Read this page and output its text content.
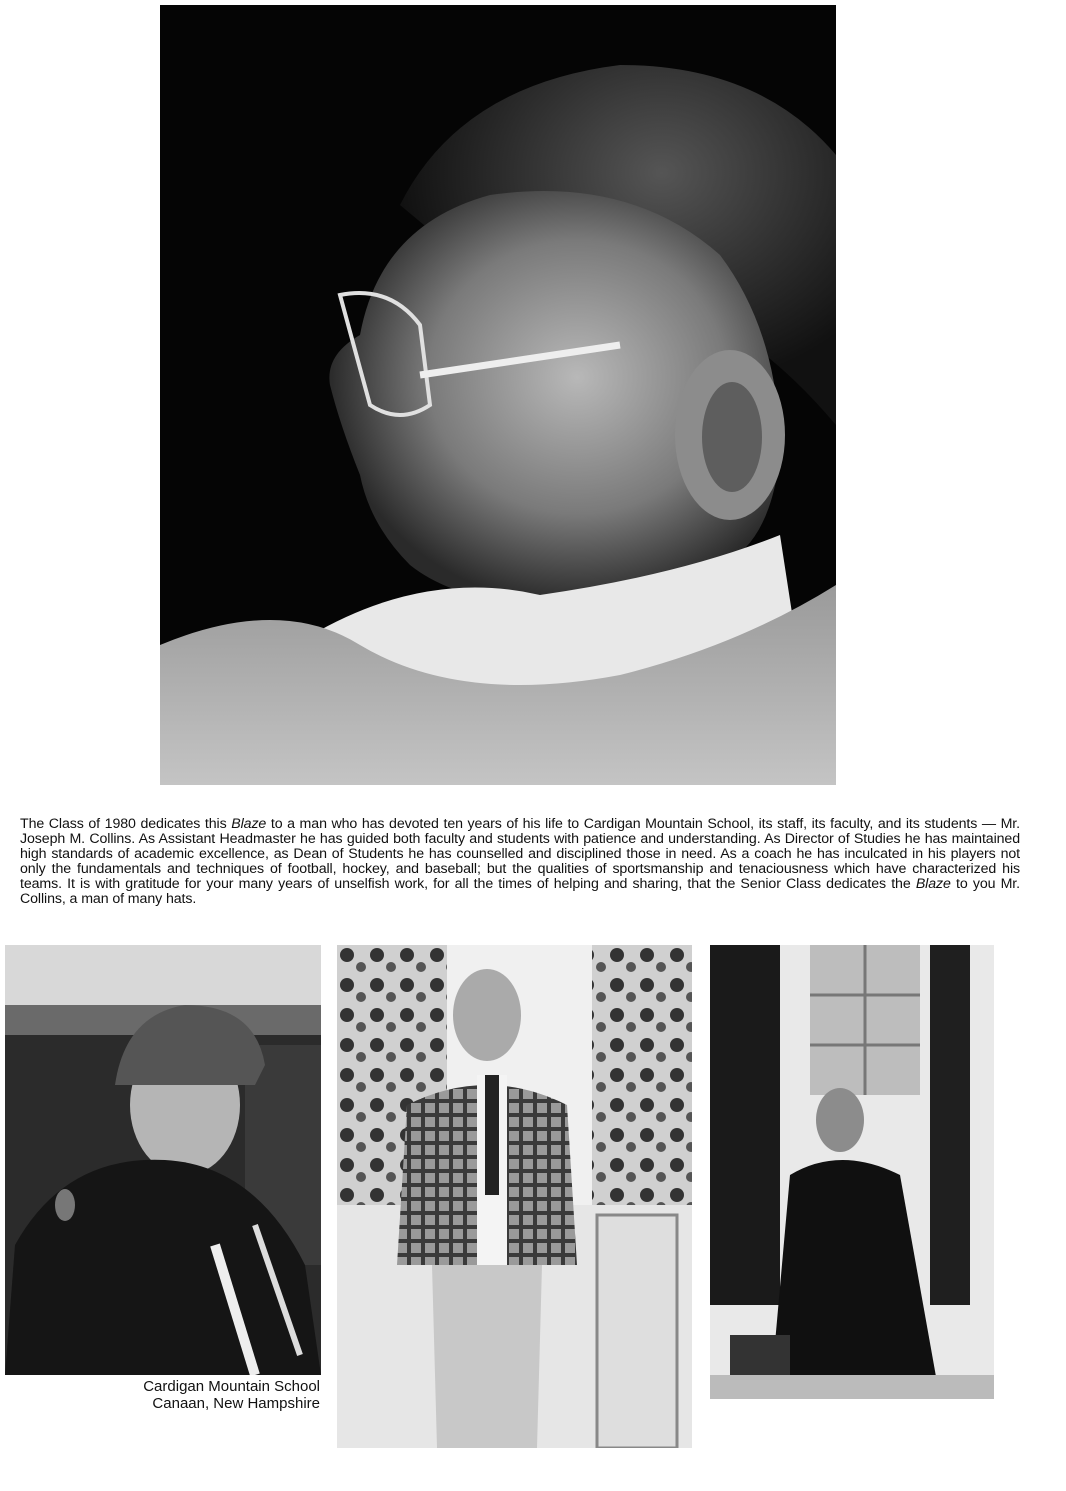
The Class of 1980 dedicates this Blaze to a man who has devoted ten years of his life to Cardigan Mountain School, its staff, its faculty, and its students — Mr. Joseph M. Collins. As Assistant Headmaster he has guided both faculty and students with patience and understanding. As Director of Studies he has maintained high standards of academic excellence, as Dean of Students he has counselled and disciplined those in need. As a coach he has inculcated in his players not only the fundamentals and techniques of football, hockey, and baseball; but the qualities of sportsmanship and tenaciousness which have characterized his teams. It is with gratitude for your many years of unselfish work, for all the times of helping and sharing, that the Senior Class dedicates the Blaze to you Mr. Collins, a man of many hats.

Cardigan Mountain School
Canaan, New Hampshire
